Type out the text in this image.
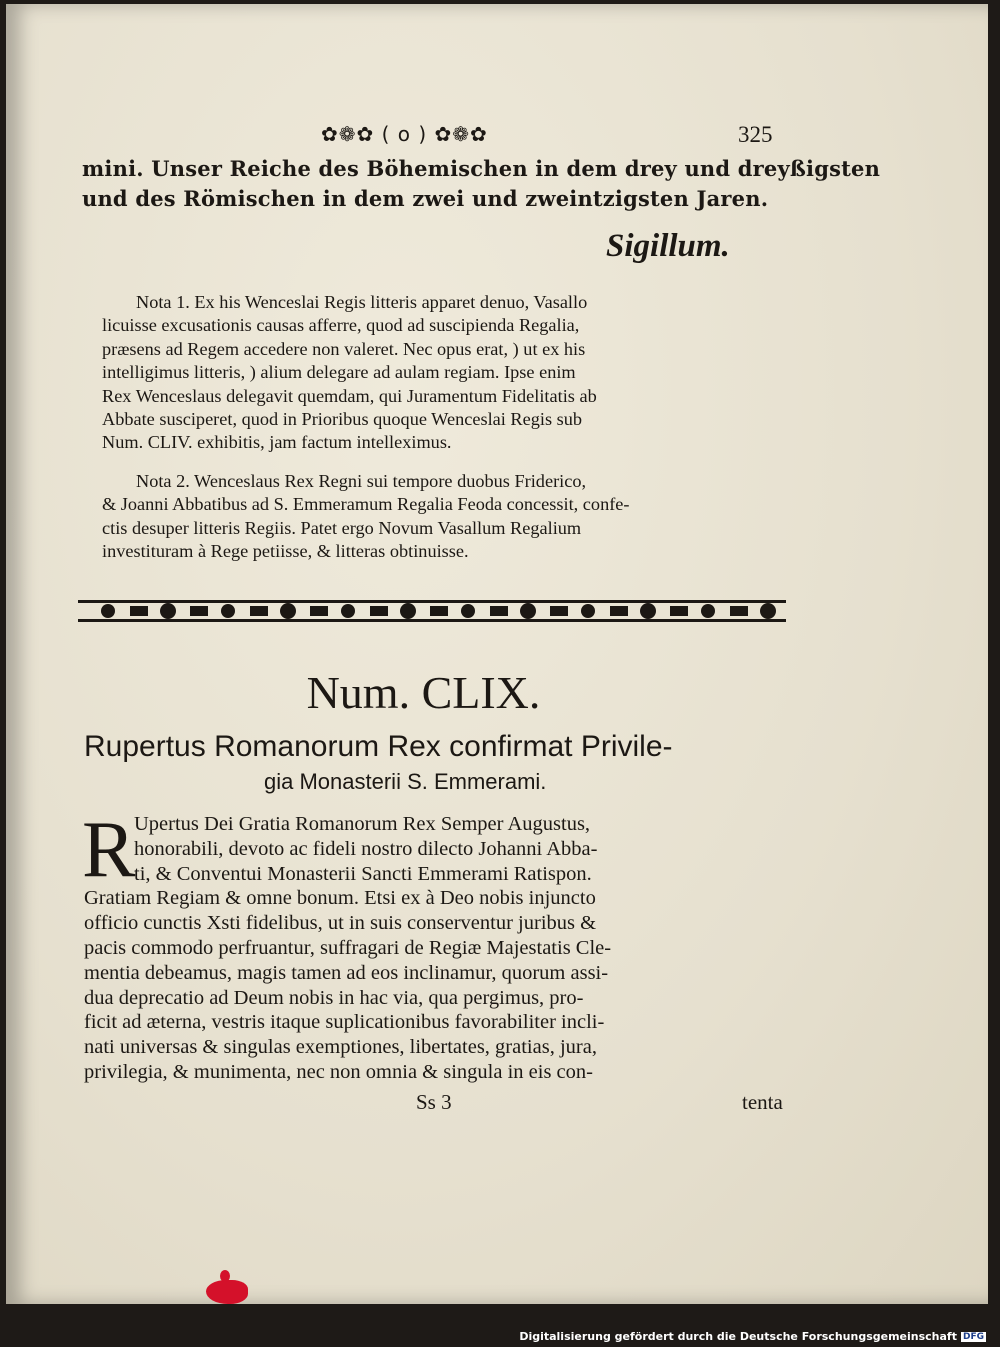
✿❁✿ ( o ) ✿❁✿	325
mini. Unser Reiche des Böhemischen in dem drey und dreyßigsten
und des Römischen in dem zwei und zweintzigsten Jaren.
Sigillum.

Nota 1. Ex his Wenceslai Regis litteris apparet denuo, Vasallo
licuisse excusationis causas afferre, quod ad suscipienda Regalia,
præsens ad Regem accedere non valeret. Nec opus erat, ) ut ex his
intelligimus litteris, ) alium delegare ad aulam regiam. Ipse enim
Rex Wenceslaus delegavit quemdam, qui Juramentum Fidelitatis ab
Abbate susciperet, quod in Prioribus quoque Wenceslai Regis sub
Num. CLIV. exhibitis, jam factum intelleximus.

Nota 2. Wenceslaus Rex Regni sui tempore duobus Friderico,
& Joanni Abbatibus ad S. Emmeramum Regalia Feoda concessit, confe-
ctis desuper litteris Regiis. Patet ergo Novum Vasallum Regalium
investituram à Rege petiisse, & litteras obtinuisse.

Num. CLIX.
Rupertus Romanorum Rex confirmat Privile-
gia Monasterii S. Emmerami.
R
Upertus Dei Gratia Romanorum Rex Semper Augustus,
honorabili, devoto ac fideli nostro dilecto Johanni Abba-
ti, & Conventui Monasterii Sancti Emmerami Ratispon.
Gratiam Regiam & omne bonum. Etsi ex à Deo nobis injuncto
officio cunctis Xsti fidelibus, ut in suis conserventur juribus &
pacis commodo perfruantur, suffragari de Regiæ Majestatis Cle-
mentia debeamus, magis tamen ad eos inclinamur, quorum assi-
dua deprecatio ad Deum nobis in hac via, qua pergimus, pro-
ficit ad æterna, vestris itaque suplicationibus favorabiliter incli-
nati universas & singulas exemptiones, libertates, gratias, jura,
privilegia, & munimenta, nec non omnia & singula in eis con-
Ss 3	tenta
Digitalisierung gefördert durch die Deutsche Forschungsgemeinschaft DFG
